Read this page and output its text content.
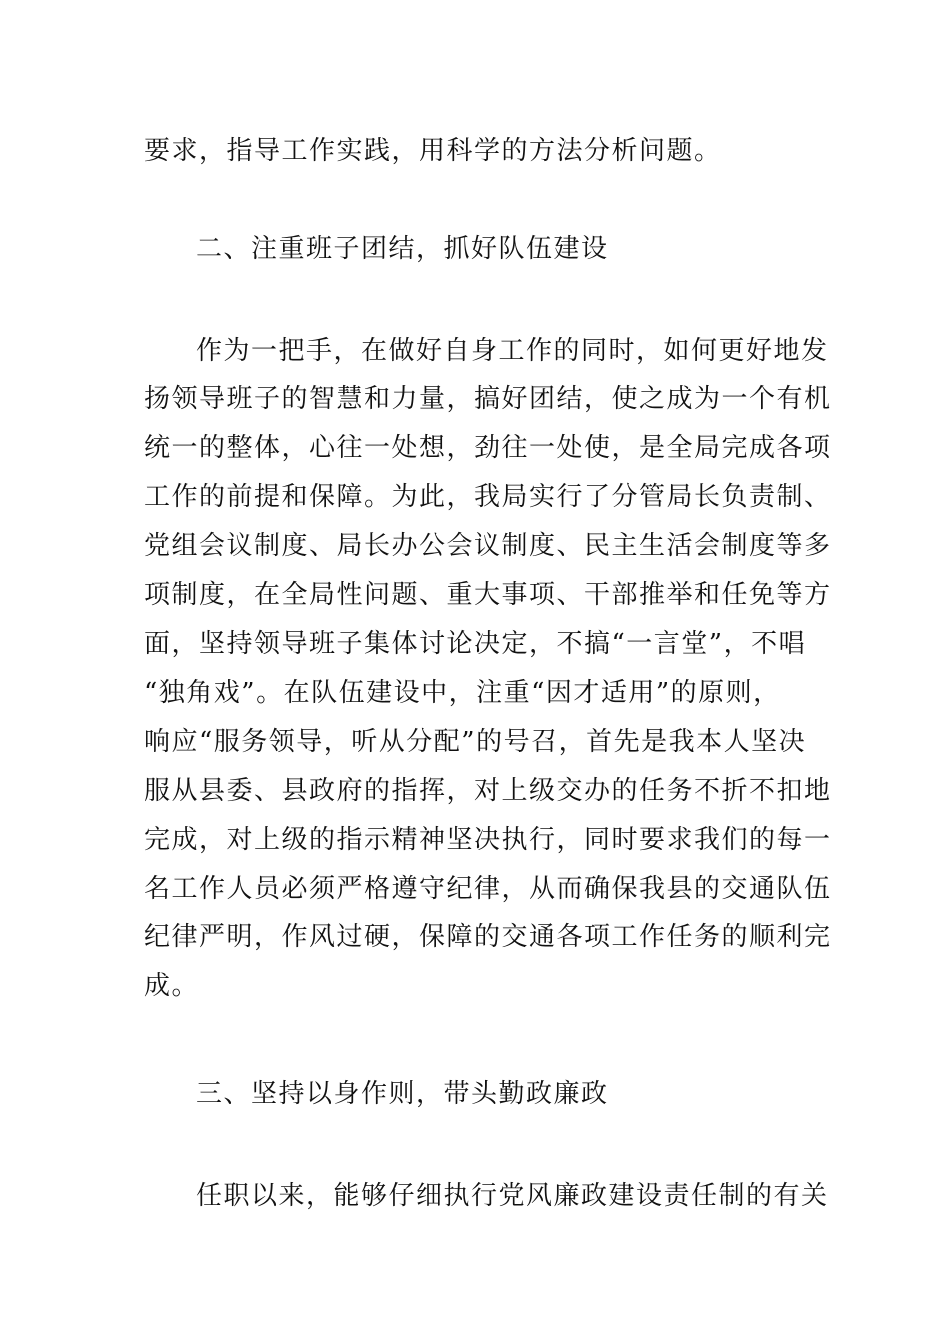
要求，指导工作实践，用科学的方法分析问题。
二、注重班子团结，抓好队伍建设
作为一把手，在做好自身工作的同时，如何更好地发
扬领导班子的智慧和力量，搞好团结，使之成为一个有机
统一的整体，心往一处想，劲往一处使，是全局完成各项
工作的前提和保障。为此，我局实行了分管局长负责制、
党组会议制度、局长办公会议制度、民主生活会制度等多
项制度，在全局性问题、重大事项、干部推举和任免等方
面，坚持领导班子集体讨论决定，不搞“一言堂”，不唱
“独角戏”。在队伍建设中，注重“因才适用”的原则，
响应“服务领导，听从分配”的号召，首先是我本人坚决
服从县委、县政府的指挥，对上级交办的任务不折不扣地
完成，对上级的指示精神坚决执行，同时要求我们的每一
名工作人员必须严格遵守纪律，从而确保我县的交通队伍
纪律严明，作风过硬，保障的交通各项工作任务的顺利完
成。
三、坚持以身作则，带头勤政廉政
任职以来，能够仔细执行党风廉政建设责任制的有关
